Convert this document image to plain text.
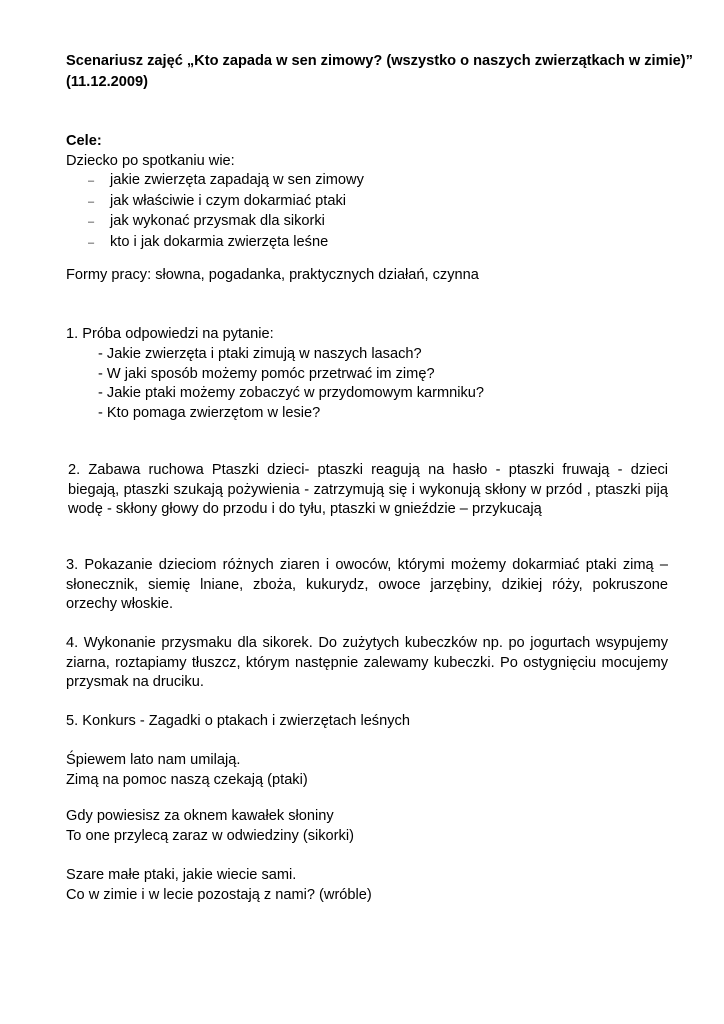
Scenariusz zajęć „Kto zapada w sen zimowy? (wszystko o naszych zwierzątkach w zimie)”
(11.12.2009)
Cele:
Dziecko po spotkaniu wie:
–	jakie zwierzęta zapadają w sen zimowy
–	jak właściwie i czym dokarmiać ptaki
–	jak wykonać przysmak dla sikorki
–	kto i jak dokarmia zwierzęta leśne
Formy pracy: słowna, pogadanka, praktycznych działań, czynna
1. Próba odpowiedzi na pytanie:
- Jakie zwierzęta i ptaki zimują w naszych lasach?
- W jaki sposób możemy pomóc przetrwać im zimę?
- Jakie ptaki możemy zobaczyć w przydomowym karmniku?
- Kto pomaga zwierzętom w lesie?
2. Zabawa ruchowa Ptaszki dzieci- ptaszki reagują na hasło - ptaszki fruwają - dzieci biegają, ptaszki szukają pożywienia - zatrzymują się i wykonują skłony w przód , ptaszki piją wodę - skłony głowy do przodu i do tyłu, ptaszki w gnieździe – przykucają
3. Pokazanie dzieciom różnych ziaren i owoców, którymi możemy dokarmiać ptaki zimą – słonecznik, siemię lniane, zboża, kukurydz, owoce jarzębiny, dzikiej róży, pokruszone orzechy włoskie.
4. Wykonanie przysmaku dla sikorek. Do zużytych kubeczków np. po jogurtach wsypujemy ziarna, roztapiamy tłuszcz, którym następnie zalewamy kubeczki. Po ostygnięciu mocujemy przysmak na druciku.
5. Konkurs - Zagadki o ptakach i zwierzętach leśnych
Śpiewem lato nam umilają.
Zimą na pomoc naszą czekają (ptaki)
Gdy powiesisz za oknem kawałek słoniny
To one przylecą zaraz w odwiedziny (sikorki)
Szare małe ptaki, jakie wiecie sami.
Co w zimie i w lecie pozostają z nami? (wróble)
